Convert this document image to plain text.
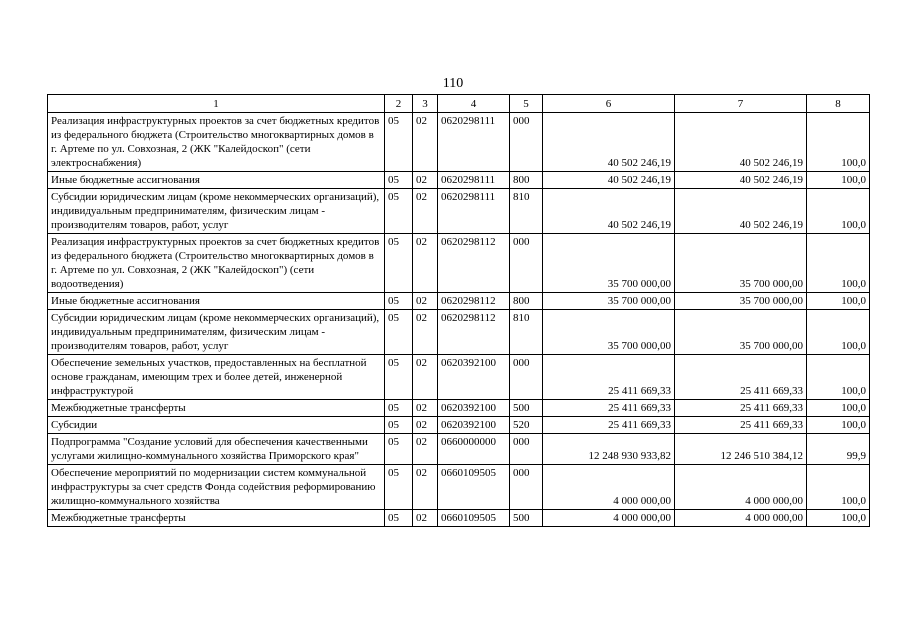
110
1	2	3	4	5	6	7	8
Реализация инфраструктурных проектов за счет бюджетных кредитов из федерального бюджета (Строительство многоквартирных домов в г. Артеме по ул. Совхозная, 2 (ЖК "Калейдоскоп" (сети электроснабжения)	05	02	0620298111	000	40 502 246,19	40 502 246,19	100,0
Иные бюджетные ассигнования	05	02	0620298111	800	40 502 246,19	40 502 246,19	100,0
Субсидии юридическим лицам (кроме некоммерческих организаций), индивидуальным предпринимателям, физическим лицам - производителям товаров, работ, услуг	05	02	0620298111	810	40 502 246,19	40 502 246,19	100,0
Реализация инфраструктурных проектов за счет бюджетных кредитов из федерального бюджета (Строительство многоквартирных домов в г. Артеме по ул. Совхозная, 2 (ЖК "Калейдоскоп") (сети водоотведения)	05	02	0620298112	000	35 700 000,00	35 700 000,00	100,0
Иные бюджетные ассигнования	05	02	0620298112	800	35 700 000,00	35 700 000,00	100,0
Субсидии юридическим лицам (кроме некоммерческих организаций), индивидуальным предпринимателям, физическим лицам - производителям товаров, работ, услуг	05	02	0620298112	810	35 700 000,00	35 700 000,00	100,0
Обеспечение земельных участков, предоставленных на бесплатной основе гражданам, имеющим трех и более детей, инженерной инфраструктурой	05	02	0620392100	000	25 411 669,33	25 411 669,33	100,0
Межбюджетные трансферты	05	02	0620392100	500	25 411 669,33	25 411 669,33	100,0
Субсидии	05	02	0620392100	520	25 411 669,33	25 411 669,33	100,0
Подпрограмма "Создание условий для обеспечения качественными услугами жилищно-коммунального хозяйства Приморского края"	05	02	0660000000	000	12 248 930 933,82	12 246 510 384,12	99,9
Обеспечение мероприятий по модернизации систем коммунальной инфраструктуры за счет средств Фонда содействия реформированию жилищно-коммунального хозяйства	05	02	0660109505	000	4 000 000,00	4 000 000,00	100,0
Межбюджетные трансферты	05	02	0660109505	500	4 000 000,00	4 000 000,00	100,0
